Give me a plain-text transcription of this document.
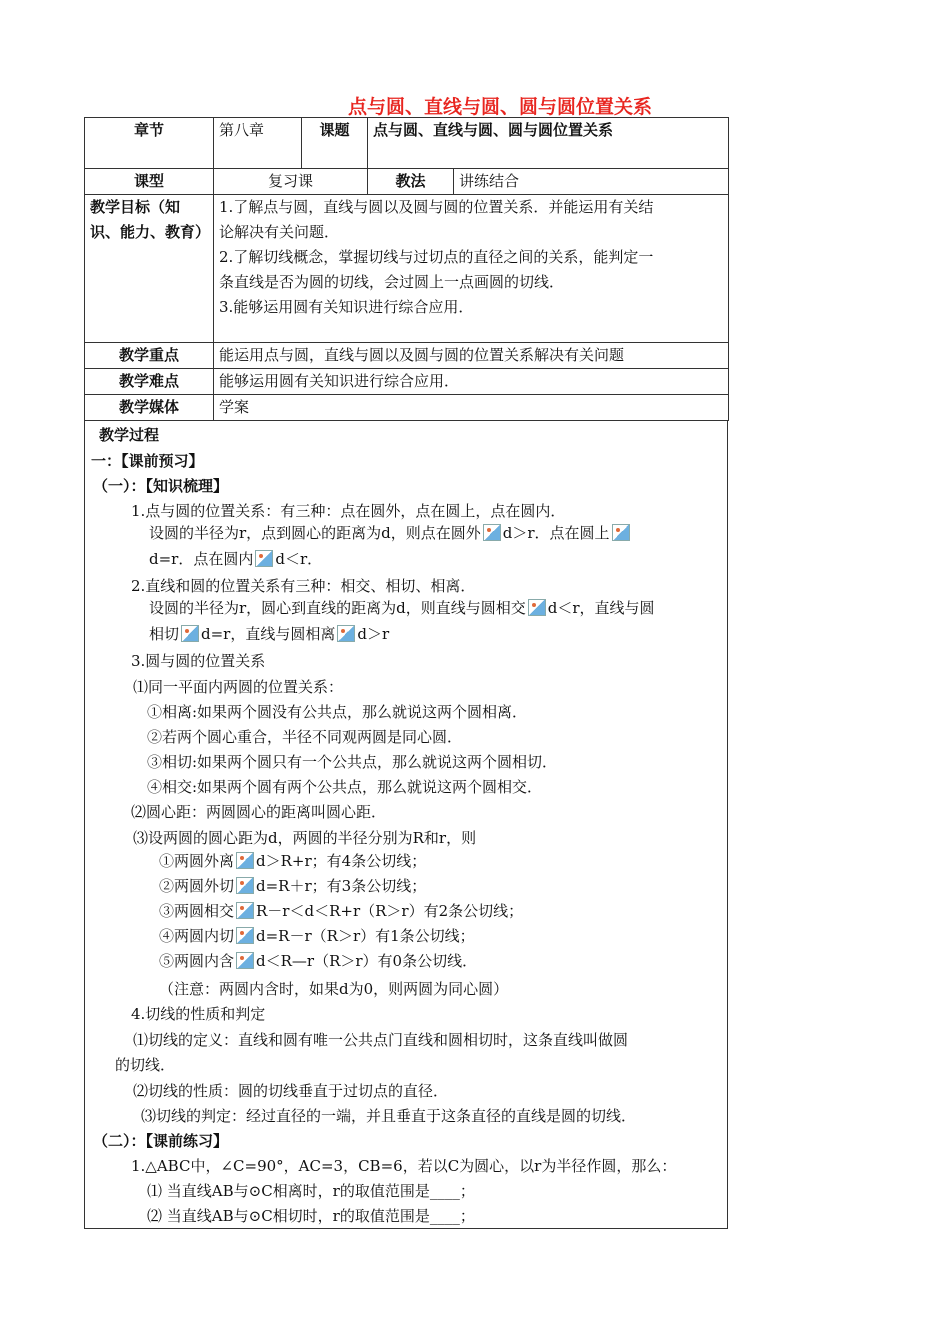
点与圆、直线与圆、圆与圆位置关系
章节	第八章	课题	点与圆、直线与圆、圆与圆位置关系	
课型	复习课		教法	讲练结合
教学目标（知识、能力、教育）	1.了解点与圆，直线与圆以及圆与圆的位置关系．并能运用有关结
论解决有关问题．
2.了解切线概念，掌握切线与过切点的直径之间的关系，能判定一
条直线是否为圆的切线，会过圆上一点画圆的切线．
3.能够运用圆有关知识进行综合应用．			

教学重点	能运用点与圆，直线与圆以及圆与圆的位置关系解决有关问题			
教学难点	能够运用圆有关知识进行综合应用．			
教学媒体	学案			
教学过程
一：【课前预习】
（一）：【知识梳理】
1.点与圆的位置关系：有三种：点在圆外，点在圆上，点在圆内．
设圆的半径为r，点到圆心的距离为d，则点在圆外 d＞r．点在圆上
d=r．点在圆内 d＜r．
2.直线和圆的位置关系有三种：相交、相切、相离．
设圆的半径为r，圆心到直线的距离为d，则直线与圆相交 d＜r，直线与圆
相切 d=r，直线与圆相离 d＞r
3.圆与圆的位置关系
⑴同一平面内两圆的位置关系：
①相离:如果两个圆没有公共点，那么就说这两个圆相离．
②若两个圆心重合，半径不同观两圆是同心圆．
③相切:如果两个圆只有一个公共点，那么就说这两个圆相切．
④相交:如果两个圆有两个公共点，那么就说这两个圆相交．
⑵圆心距：两圆圆心的距离叫圆心距．
⑶设两圆的圆心距为d，两圆的半径分别为R和r，则
①两圆外离 d＞R+r；有4条公切线；
②两圆外切 d=R＋r；有3条公切线；
③两圆相交 R－r＜d＜R+r（R＞r）有2条公切线；
④两圆内切 d=R－r（R＞r）有1条公切线；
⑤两圆内含 d＜R—r（R＞r）有0条公切线．
（注意：两圆内含时，如果d为0，则两圆为同心圆）
4.切线的性质和判定
⑴切线的定义：直线和圆有唯一公共点门直线和圆相切时，这条直线叫做圆
的切线．
⑵切线的性质：圆的切线垂直于过切点的直径．
⑶切线的判定：经过直径的一端，并且垂直于这条直径的直线是圆的切线．
（二）：【课前练习】
1.△ABC中，∠C=90°，AC=3，CB=6，若以C为圆心，以r为半径作圆，那么：
⑴ 当直线AB与⊙C相离时，r的取值范围是____；
⑵ 当直线AB与⊙C相切时，r的取值范围是____；
